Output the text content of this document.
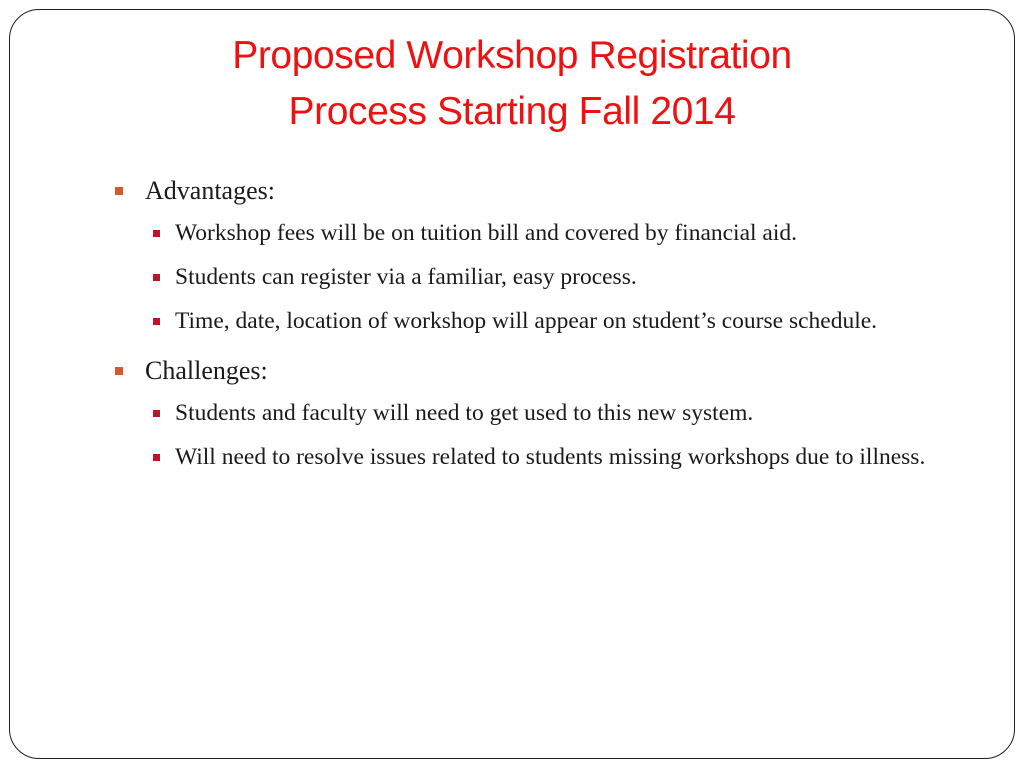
Proposed Workshop Registration
Process Starting Fall 2014
Advantages:
Workshop fees will be on tuition bill and covered by financial aid.
Students can register via a familiar, easy process.
Time, date, location of workshop will appear on student’s course schedule.
Challenges:
Students and faculty will need to get used to this new system.
Will need to resolve issues related to students missing workshops due to illness.
